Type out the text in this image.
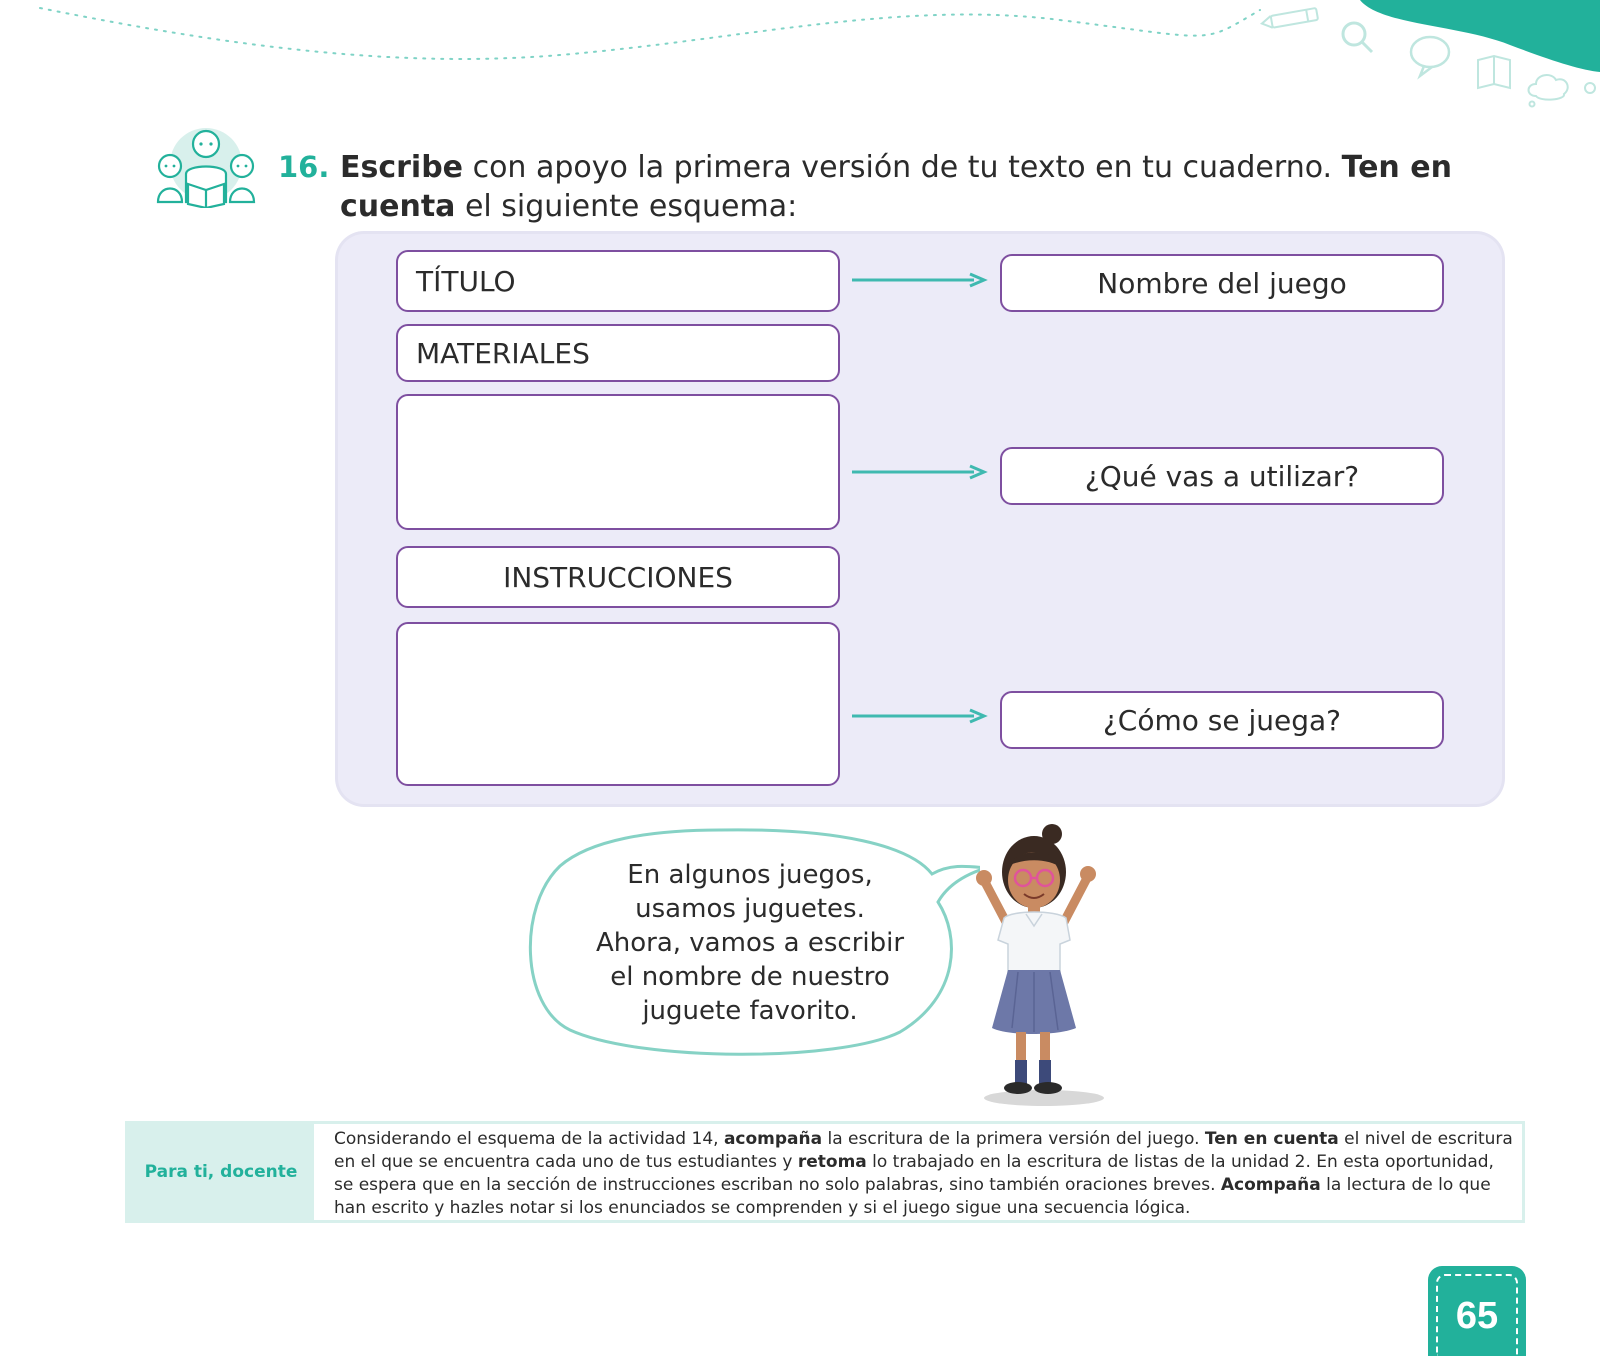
16. Escribe con apoyo la primera versión de tu texto en tu cuaderno. Ten en cuenta el siguiente esquema:
TÍTULO
MATERIALES
INSTRUCCIONES
Nombre del juego
¿Qué vas a utilizar?
¿Cómo se juega?
En algunos juegos,
usamos juguetes.
Ahora, vamos a escribir
el nombre de nuestro
juguete favorito.
Para ti, docente
Considerando el esquema de la actividad 14, acompaña la escritura de la primera versión del juego. Ten en cuenta el nivel de escritura en el que se encuentra cada uno de tus estudiantes y retoma lo trabajado en la escritura de listas de la unidad 2. En esta oportunidad, se espera que en la sección de instrucciones escriban no solo palabras, sino también oraciones breves. Acompaña la lectura de lo que han escrito y hazles notar si los enunciados se comprenden y si el juego sigue una secuencia lógica.
65
